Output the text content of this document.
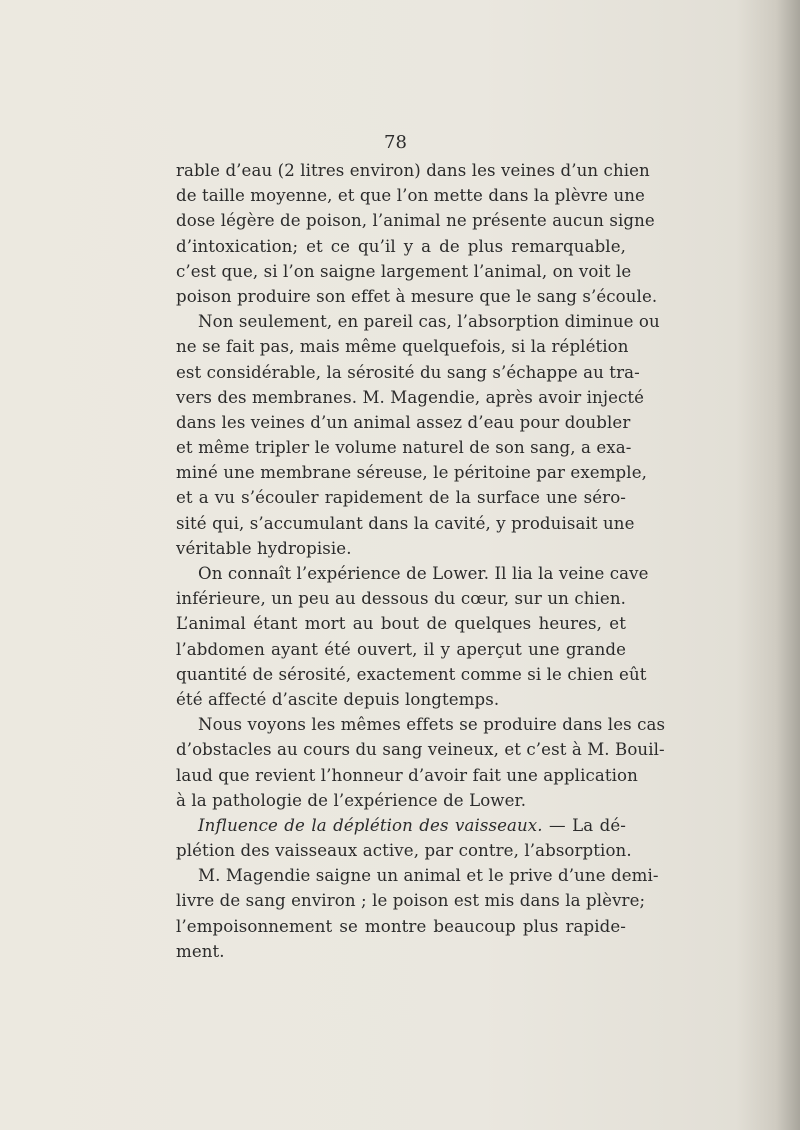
78
rable d’eau (2 litres environ) dans les veines d’un chien
de taille moyenne, et que l’on mette dans la plèvre une
dose légère de poison, l’animal ne présente aucun signe
d’intoxication; et ce qu’il y a de plus remarquable,
c’est que, si l’on saigne largement l’animal, on voit le
poison produire son effet à mesure que le sang s’écoule.
Non seulement, en pareil cas, l’absorption diminue ou
ne se fait pas, mais même quelquefois, si la réplétion
est considérable, la sérosité du sang s’échappe au tra-
vers des membranes. M. Magendie, après avoir injecté
dans les veines d’un animal assez d’eau pour doubler
et même tripler le volume naturel de son sang, a exa-
miné une membrane séreuse, le péritoine par exemple,
et a vu s’écouler rapidement de la surface une séro-
sité qui, s’accumulant dans la cavité, y produisait une
véritable hydropisie.
On connaît l’expérience de Lower. Il lia la veine cave
inférieure, un peu au dessous du cœur, sur un chien.
L’animal étant mort au bout de quelques heures, et
l’abdomen ayant été ouvert, il y aperçut une grande
quantité de sérosité, exactement comme si le chien eût
été affecté d’ascite depuis longtemps.
Nous voyons les mêmes effets se produire dans les cas
d’obstacles au cours du sang veineux, et c’est à M. Bouil-
laud que revient l’honneur d’avoir fait une application
à la pathologie de l’expérience de Lower.
Influence de la déplétion des vaisseaux. — La dé-
plétion des vaisseaux active, par contre, l’absorption.
M. Magendie saigne un animal et le prive d’une demi-
livre de sang environ ; le poison est mis dans la plèvre;
l’empoisonnement se montre beaucoup plus rapide-
ment.
